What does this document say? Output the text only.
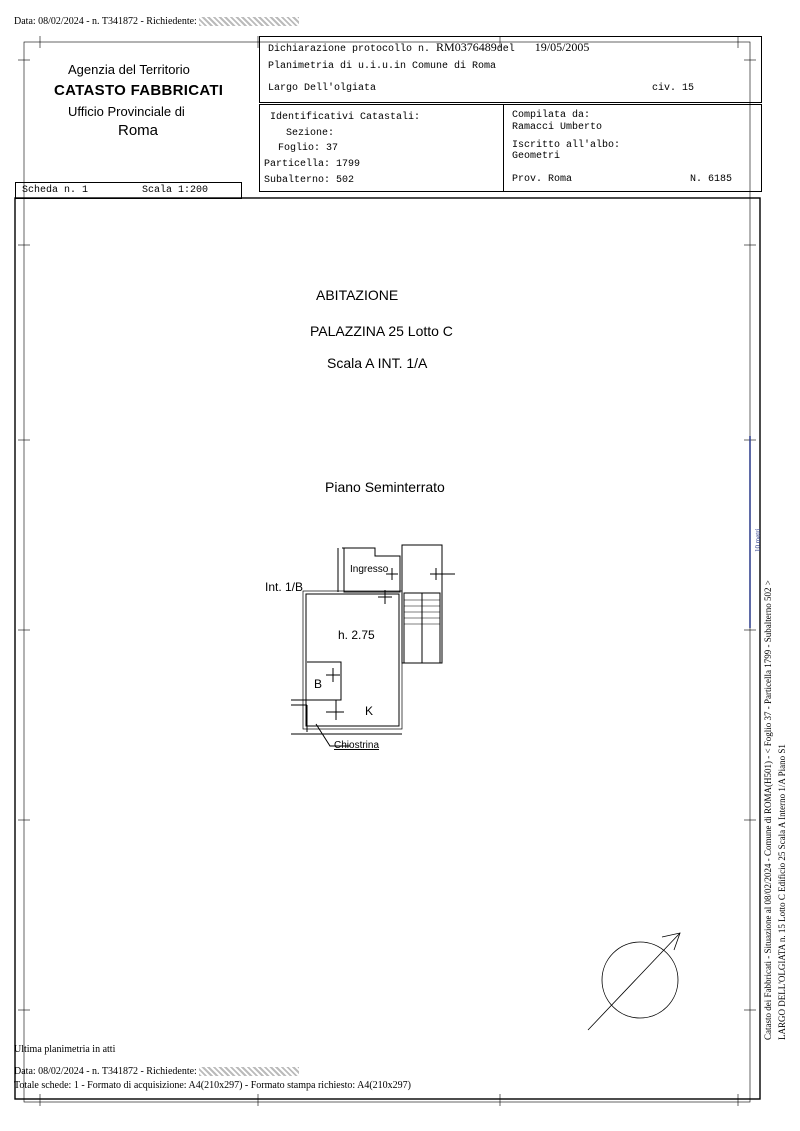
Data: 08/02/2024 - n. T341872 - Richiedente:
Agenzia del Territorio
CATASTO FABBRICATI
Ufficio Provinciale di
Roma
Dichiarazione protocollo n. RM0376489del 19/05/2005
Planimetria di u.i.u.in Comune di Roma
Largo Dell'olgiata	civ. 15
Identificativi Catastali:
Sezione:
Foglio: 37
Particella: 1799
Subalterno: 502
Compilata da:
Ramacci Umberto
Iscritto all'albo:
Geometri
Prov. Roma	N. 6185
Scheda n. 1	Scala 1:200
ABITAZIONE
PALAZZINA 25 Lotto C
Scala A INT. 1/A
Piano Seminterrato
Ingresso
Int. 1/B
h. 2.75
B
K
Chiostrina	Catasto dei Fabbricati - Situazione al 08/02/2024 - Comune di ROMA(H501) - < Foglio 37 - Particella 1799 - Subalterno 502 > LARGO DELL'OLGIATA n. 15 Lotto C Edificio 25 Scala A Interno 1/A Piano S1
10 metri
Ultima planimetria in atti
Data: 08/02/2024 - n. T341872 - Richiedente:
Totale schede: 1 - Formato di acquisizione: A4(210x297) - Formato stampa richiesto: A4(210x297)
